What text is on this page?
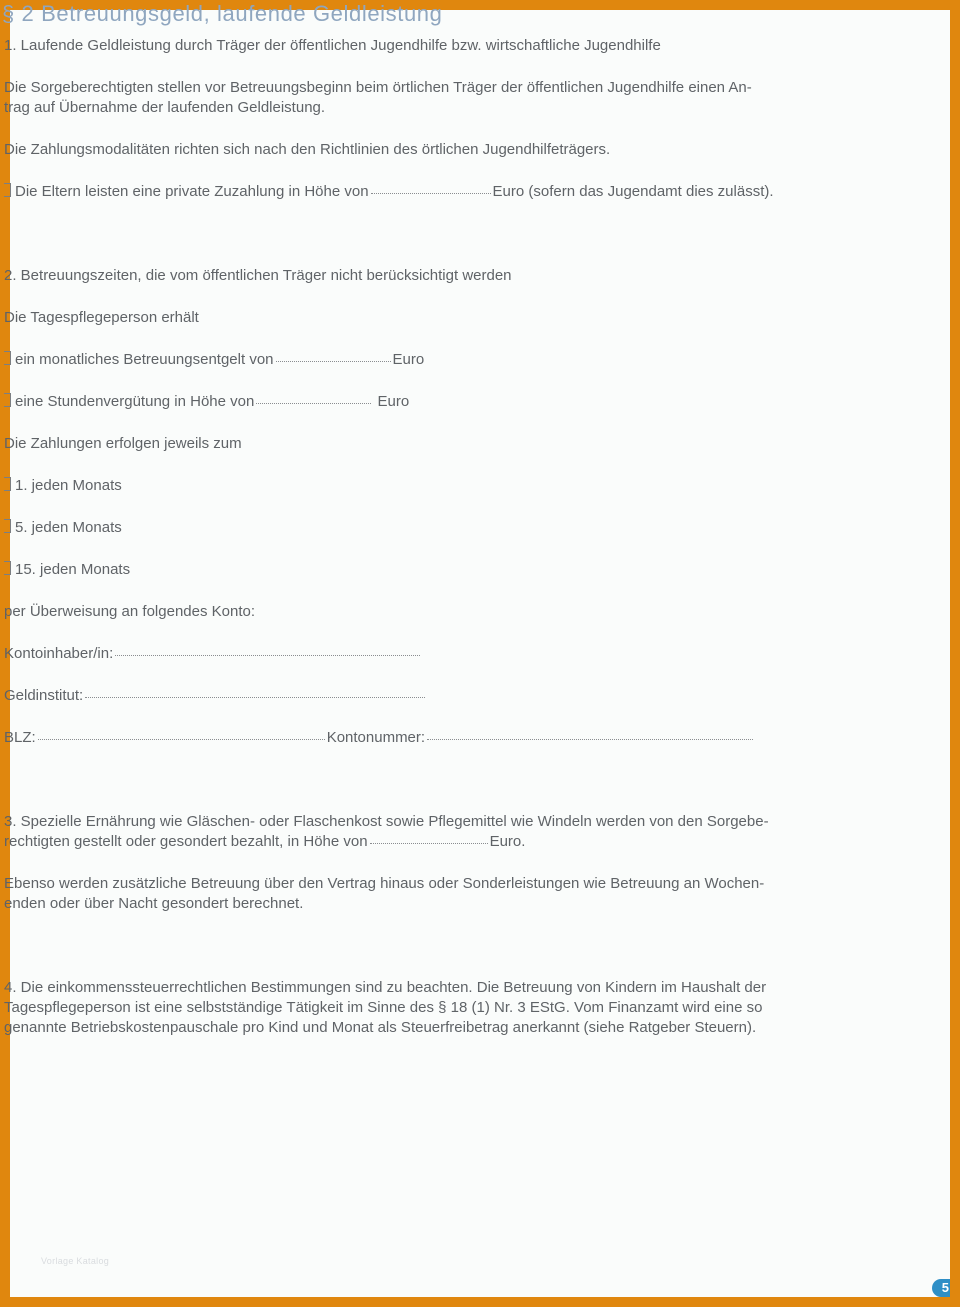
§ 2 Betreuungsgeld, laufende Geldleistung
1. Laufende Geldleistung durch Träger der öffentlichen Jugendhilfe bzw. wirtschaftliche Jugendhilfe
Die Sorgeberechtigten stellen vor Betreuungsbeginn beim örtlichen Träger der öffentlichen Jugendhilfe einen An-
trag auf Übernahme der laufenden Geldleistung.
Die Zahlungsmodalitäten richten sich nach den Richtlinien des örtlichen Jugendhilfeträgers.
Die Eltern leisten eine private Zuzahlung in Höhe von	Euro (sofern das Jugendamt dies zulässt).
2. Betreuungszeiten, die vom öffentlichen Träger nicht berücksichtigt werden
Die Tagespflegeperson erhält
ein monatliches Betreuungsentgelt von	Euro
eine Stundenvergütung in Höhe von	Euro
Die Zahlungen erfolgen jeweils zum
1. jeden Monats
5. jeden Monats
15. jeden Monats
per Überweisung an folgendes Konto:
Kontoinhaber/in:
Geldinstitut:
BLZ:	Kontonummer:
3. Spezielle Ernährung wie Gläschen- oder Flaschenkost sowie Pflegemittel wie Windeln werden von den Sorgebe-
rechtigten gestellt oder gesondert bezahlt, in Höhe von	Euro.
Ebenso werden zusätzliche Betreuung über den Vertrag hinaus oder Sonderleistungen wie Betreuung an Wochen-
enden oder über Nacht gesondert berechnet.
4. Die einkommenssteuerrechtlichen Bestimmungen sind zu beachten. Die Betreuung von Kindern im Haushalt der
Tagespflegeperson ist eine selbstständige Tätigkeit im Sinne des § 18 (1) Nr. 3 EStG. Vom Finanzamt wird eine so
genannte Betriebskostenpauschale pro Kind und Monat als Steuerfreibetrag anerkannt (siehe Ratgeber Steuern).
Vorlage Katalog
5
